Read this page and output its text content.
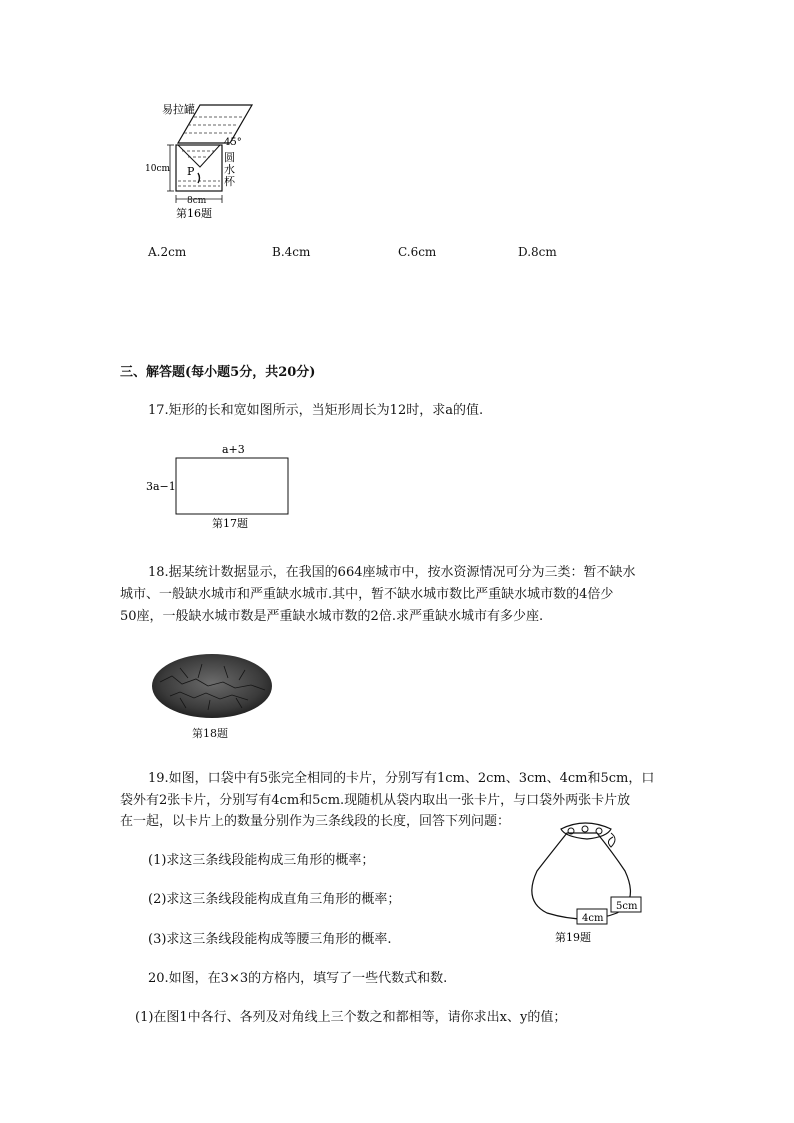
易拉罐
45°
圆
水
杯
10cm
8cm
P
第16题
A.2cm	B.4cm	C.6cm	D.8cm
三、解答题(每小题5分，共20分)
17.矩形的长和宽如图所示，当矩形周长为12时，求a的值.
a+3
3a−1
第17题
18.据某统计数据显示，在我国的664座城市中，按水资源情况可分为三类：暂不缺水
城市、一般缺水城市和严重缺水城市.其中，暂不缺水城市数比严重缺水城市数的4倍少
50座，一般缺水城市数是严重缺水城市数的2倍.求严重缺水城市有多少座.
第18题
19.如图，口袋中有5张完全相同的卡片，分别写有1cm、2cm、3cm、4cm和5cm，口
袋外有2张卡片，分别写有4cm和5cm.现随机从袋内取出一张卡片，与口袋外两张卡片放
在一起，以卡片上的数量分别作为三条线段的长度，回答下列问题：
(1)求这三条线段能构成三角形的概率；
(2)求这三条线段能构成直角三角形的概率；
(3)求这三条线段能构成等腰三角形的概率.
5cm
4cm
第19题
20.如图，在3×3的方格内，填写了一些代数式和数.
(1)在图1中各行、各列及对角线上三个数之和都相等，请你求出x、y的值；
